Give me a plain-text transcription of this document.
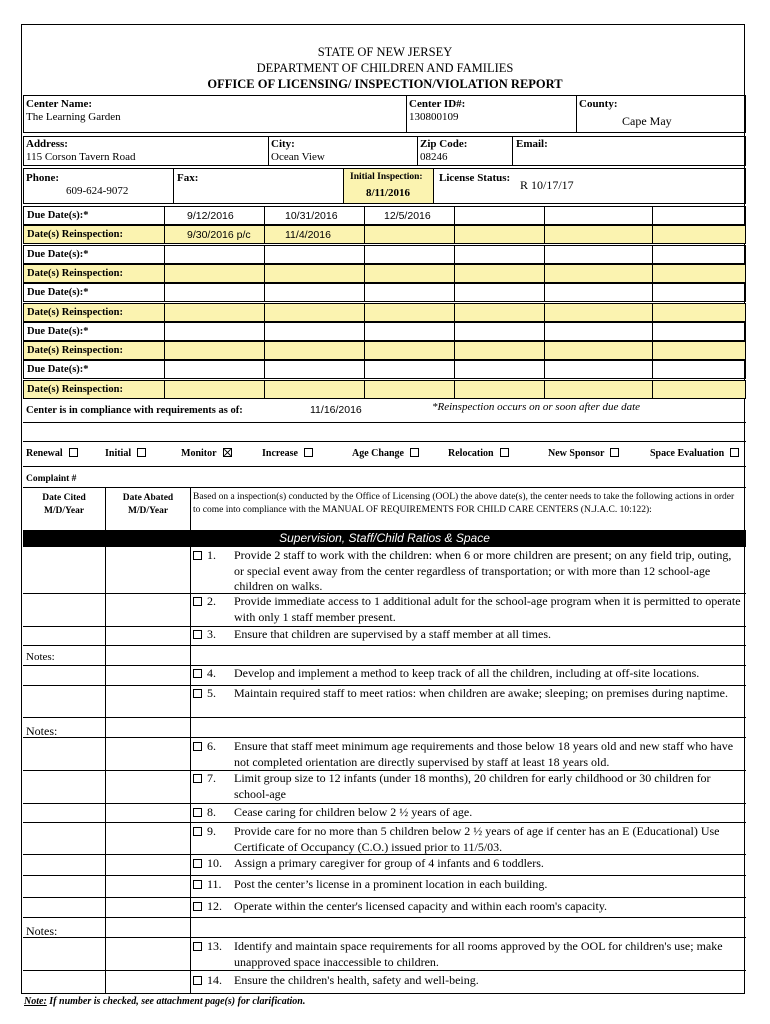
STATE OF NEW JERSEY
DEPARTMENT OF CHILDREN AND FAMILIES
OFFICE OF LICENSING/ INSPECTION/VIOLATION REPORT
Center Name:
The Learning Garden
Center ID#:
130800109
County:
Cape May
Address:
115 Corson Tavern Road
City:
Ocean View
Zip Code:
08246
Email:
Phone:
609-624-9072
Fax:	Initial Inspection:
8/11/2016
License Status: R 10/17/17
Due Date(s):*	9/12/2016	10/31/2016	12/5/2016
Date(s) Reinspection:	9/30/2016 p/c	11/4/2016
Due Date(s):*
Date(s) Reinspection:
Due Date(s):*
Date(s) Reinspection:
Due Date(s):*
Date(s) Reinspection:
Due Date(s):*
Date(s) Reinspection:
Center is in compliance with requirements as of:	11/16/2016	*Reinspection occurs on or soon after due date
Renewal	Initial	Monitor	Increase	Age Change	Relocation	New Sponsor	Space Evaluation
Complaint #
Date Cited M/D/Year
Date Abated M/D/Year
Based on a inspection(s) conducted by the Office of Licensing (OOL) the above date(s), the center needs to take the following actions in order to come into compliance with the MANUAL OF REQUIREMENTS FOR CHILD CARE CENTERS (N.J.A.C. 10:122):
Supervision, Staff/Child Ratios & Space
1.	Provide 2 staff to work with the children: when 6 or more children are present; on any field trip, outing, or special event away from the center regardless of transportation; or with more than 12 school-age children on walks.
2.	Provide immediate access to 1 additional adult for the school-age program when it is permitted to operate with only 1 staff member present.
3.	Ensure that children are supervised by a staff member at all times.
4.	Develop and implement a method to keep track of all the children, including at off-site locations.
5.	Maintain required staff to meet ratios: when children are awake; sleeping; on premises during naptime.
6.	Ensure that staff meet minimum age requirements and those below 18 years old and new staff who have not completed orientation are directly supervised by staff at least 18 years old.
7.	Limit group size to 12 infants (under 18 months), 20 children for early childhood or 30 children for school-age
8.	Cease caring for children below 2 ½ years of age.
9.	Provide care for no more than 5 children below 2 ½ years of age if center has an E (Educational) Use Certificate of Occupancy (C.O.) issued prior to 11/5/03.
10.	Assign a primary caregiver for group of 4 infants and 6 toddlers.
11.	Post the center’s license in a prominent location in each building.
12.	Operate within the center's licensed capacity and within each room's capacity.
13.	Identify and maintain space requirements for all rooms approved by the OOL for children's use; make unapproved space inaccessible to children.
14.	Ensure the children's health, safety and well-being.
Notes:
Notes:
Notes:
Note: If number is checked, see attachment page(s) for clarification.
